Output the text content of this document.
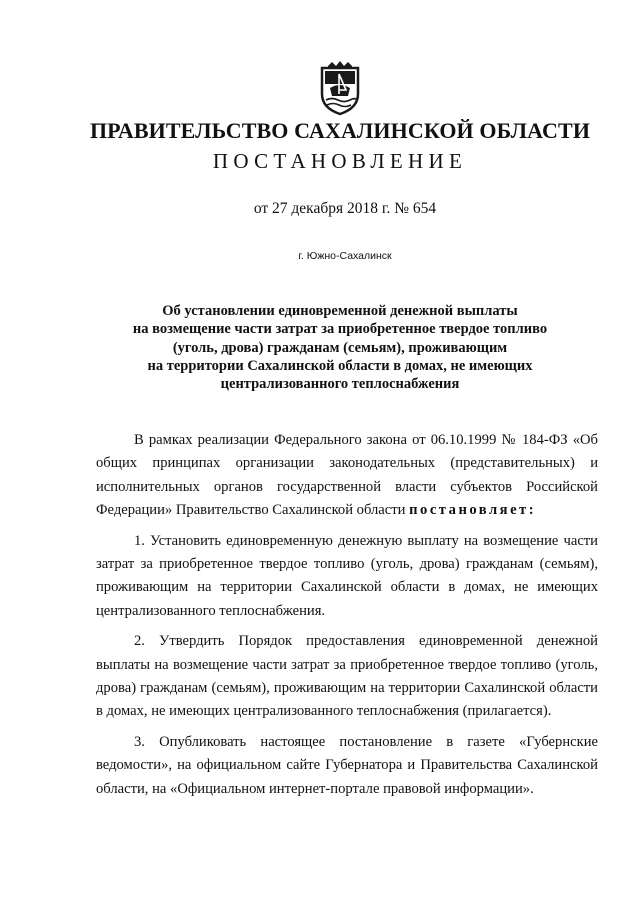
ПРАВИТЕЛЬСТВО САХАЛИНСКОЙ ОБЛАСТИ
ПОСТАНОВЛЕНИЕ
от 27 декабря 2018 г. № 654
г. Южно-Сахалинск
Об установлении единовременной денежной выплаты
на возмещение части затрат за приобретенное твердое топливо
(уголь, дрова) гражданам (семьям), проживающим
на территории Сахалинской области в домах, не имеющих
централизованного теплоснабжения

В рамках реализации Федерального закона от 06.10.1999 № 184-ФЗ «Об общих принципах организации законодательных (представительных) и исполнительных органов государственной власти субъектов Российской Федерации» Правительство Сахалинской области постановляет:

1. Установить единовременную денежную выплату на возмещение части затрат за приобретенное твердое топливо (уголь, дрова) гражданам (семьям), проживающим на территории Сахалинской области в домах, не имеющих централизованного теплоснабжения.

2. Утвердить Порядок предоставления единовременной денежной выплаты на возмещение части затрат за приобретенное твердое топливо (уголь, дрова) гражданам (семьям), проживающим на территории Сахалинской области в домах, не имеющих централизованного теплоснабжения (прилагается).

3. Опубликовать настоящее постановление в газете «Губернские ведомости», на официальном сайте Губернатора и Правительства Сахалинской области, на «Официальном интернет-портале правовой информации».
